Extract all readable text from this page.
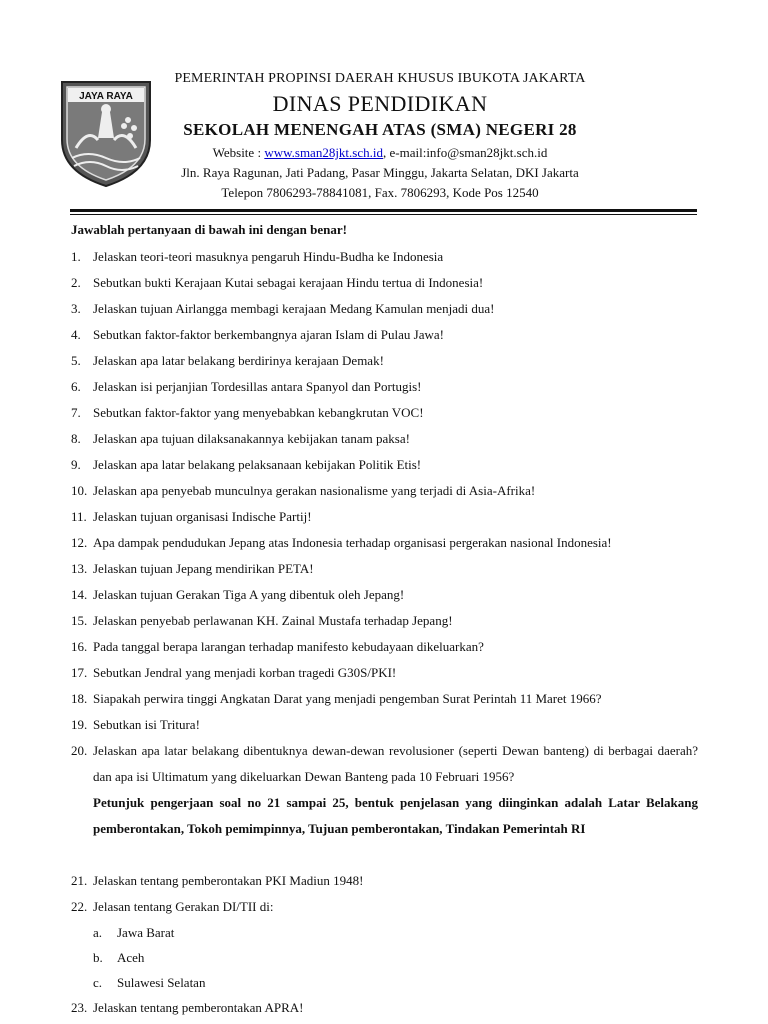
JAYA RAYA
PEMERINTAH PROPINSI DAERAH KHUSUS IBUKOTA JAKARTA
DINAS PENDIDIKAN
SEKOLAH MENENGAH ATAS (SMA) NEGERI 28
Website : www.sman28jkt.sch.id, e-mail:info@sman28jkt.sch.id
Jln. Raya Ragunan, Jati Padang, Pasar Minggu, Jakarta Selatan, DKI Jakarta
Telepon 7806293-78841081, Fax. 7806293, Kode Pos 12540
Jawablah pertanyaan di bawah ini dengan benar!
1. Jelaskan teori-teori masuknya pengaruh Hindu-Budha ke Indonesia
2. Sebutkan bukti Kerajaan Kutai sebagai kerajaan Hindu tertua di Indonesia!
3. Jelaskan tujuan Airlangga membagi kerajaan Medang Kamulan menjadi dua!
4. Sebutkan faktor-faktor berkembangnya ajaran Islam di Pulau Jawa!
5. Jelaskan apa latar belakang berdirinya kerajaan Demak!
6. Jelaskan isi perjanjian Tordesillas antara Spanyol dan Portugis!
7. Sebutkan faktor-faktor yang menyebabkan kebangkrutan VOC!
8. Jelaskan apa tujuan dilaksanakannya kebijakan tanam paksa!
9. Jelaskan apa latar belakang pelaksanaan kebijakan Politik Etis!
10. Jelaskan apa penyebab munculnya gerakan nasionalisme yang terjadi di Asia-Afrika!
11. Jelaskan tujuan organisasi Indische Partij!
12. Apa dampak pendudukan Jepang atas Indonesia terhadap organisasi pergerakan nasional Indonesia!
13. Jelaskan tujuan Jepang mendirikan PETA!
14. Jelaskan tujuan Gerakan Tiga A yang dibentuk oleh Jepang!
15. Jelaskan penyebab perlawanan KH. Zainal Mustafa terhadap Jepang!
16. Pada tanggal berapa larangan terhadap manifesto kebudayaan dikeluarkan?
17. Sebutkan Jendral yang menjadi korban tragedi G30S/PKI!
18. Siapakah perwira tinggi Angkatan Darat yang menjadi pengemban Surat Perintah 11 Maret 1966?
19. Sebutkan isi Tritura!
20. Jelaskan apa latar belakang dibentuknya dewan-dewan revolusioner (seperti Dewan banteng) di berbagai daerah? dan apa isi Ultimatum yang dikeluarkan Dewan Banteng pada 10 Februari 1956?
Petunjuk pengerjaan soal no 21 sampai 25, bentuk penjelasan yang diinginkan adalah Latar Belakang pemberontakan, Tokoh pemimpinnya, Tujuan pemberontakan, Tindakan Pemerintah RI
21. Jelaskan tentang pemberontakan PKI Madiun 1948!
22. Jelasan tentang Gerakan DI/TII di:
a. Jawa Barat
b. Aceh
c. Sulawesi Selatan
23. Jelaskan tentang pemberontakan APRA!
